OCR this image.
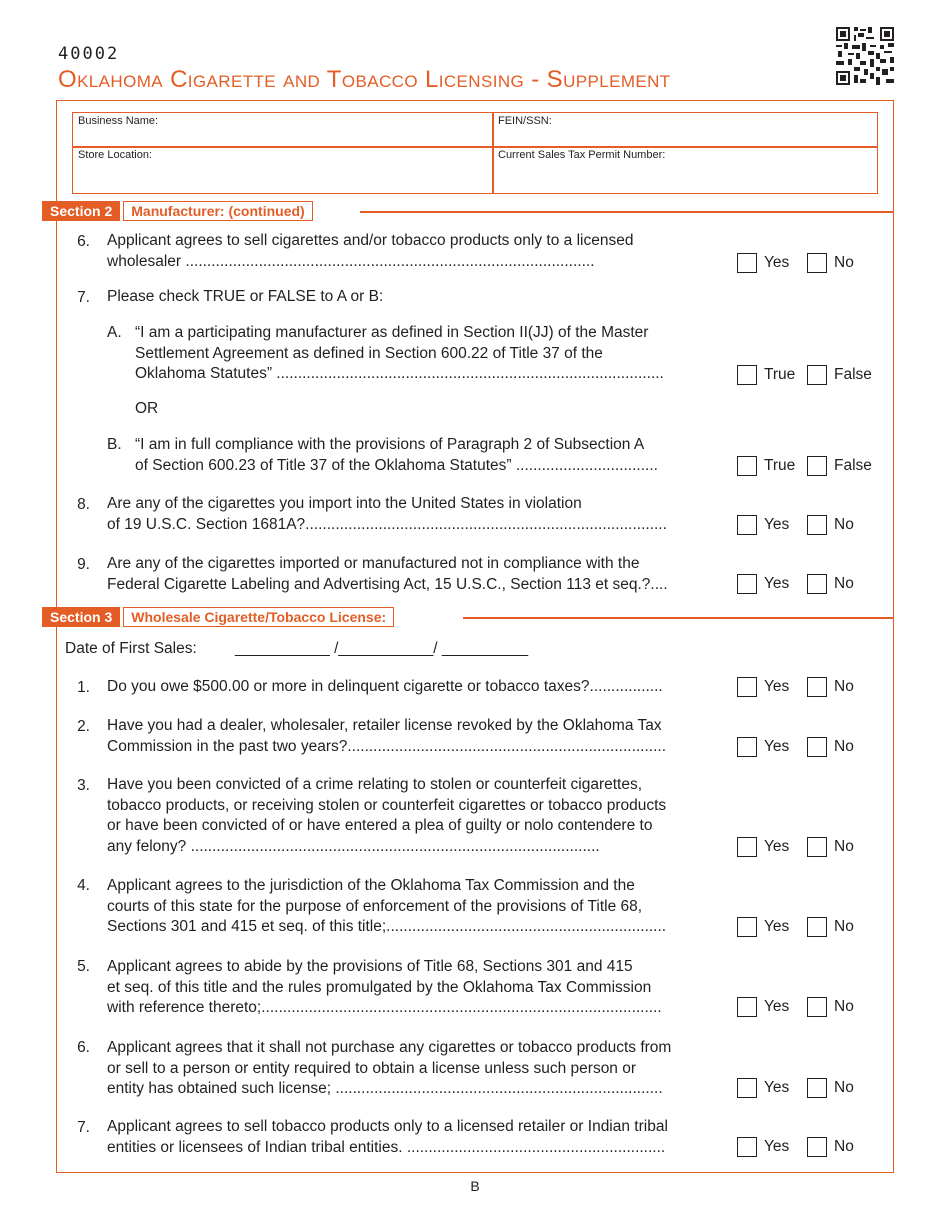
40002
Oklahoma Cigarette and Tobacco Licensing - Supplement
Business Name:	FEIN/SSN:
Store Location:	Current Sales Tax Permit Number:
Section 2	Manufacturer: (continued)
6. Applicant agrees to sell cigarettes and/or tobacco products only to a licensed
wholesaler ...............................................................................................	Yes	No
7. Please check TRUE or FALSE to A or B:
A. “I am a participating manufacturer as defined in Section II(JJ) of the Master
Settlement Agreement as defined in Section 600.22 of Title 37 of the
Oklahoma Statutes” ..........................................................................................	True False
OR
B. “I am in full compliance with the provisions of Paragraph 2 of Subsection A
of Section 600.23 of Title 37 of the Oklahoma Statutes” .................................	True False
8. Are any of the cigarettes you import into the United States in violation
of 19 U.S.C. Section 1681A?....................................................................................	Yes	No
9. Are any of the cigarettes imported or manufactured not in compliance with the
Federal Cigarette Labeling and Advertising Act, 15 U.S.C., Section 113 et seq.?....	Yes	No
Section 3	Wholesale Cigarette/Tobacco License:
Date of First Sales: ___________ /___________/ __________
1. Do you owe $500.00 or more in delinquent cigarette or tobacco taxes?.................	Yes	No
2. Have you had a dealer, wholesaler, retailer license revoked by the Oklahoma Tax
Commission in the past two years?..........................................................................	Yes	No
3. Have you been convicted of a crime relating to stolen or counterfeit cigarettes,
tobacco products, or receiving stolen or counterfeit cigarettes or tobacco products
or have been convicted of or have entered a plea of guilty or nolo contendere to
any felony? ...............................................................................................	Yes	No
4. Applicant agrees to the jurisdiction of the Oklahoma Tax Commission and the
courts of this state for the purpose of enforcement of the provisions of Title 68,
Sections 301 and 415 et seq. of this title;.................................................................	Yes	No
5. Applicant agrees to abide by the provisions of Title 68, Sections 301 and 415
et seq. of this title and the rules promulgated by the Oklahoma Tax Commission
with reference thereto;.............................................................................................	Yes	No
6. Applicant agrees that it shall not purchase any cigarettes or tobacco products from
or sell to a person or entity required to obtain a license unless such person or
entity has obtained such license; ............................................................................	Yes	No
7. Applicant agrees to sell tobacco products only to a licensed retailer or Indian tribal
entities or licensees of Indian tribal entities. ............................................................	Yes	No
B
